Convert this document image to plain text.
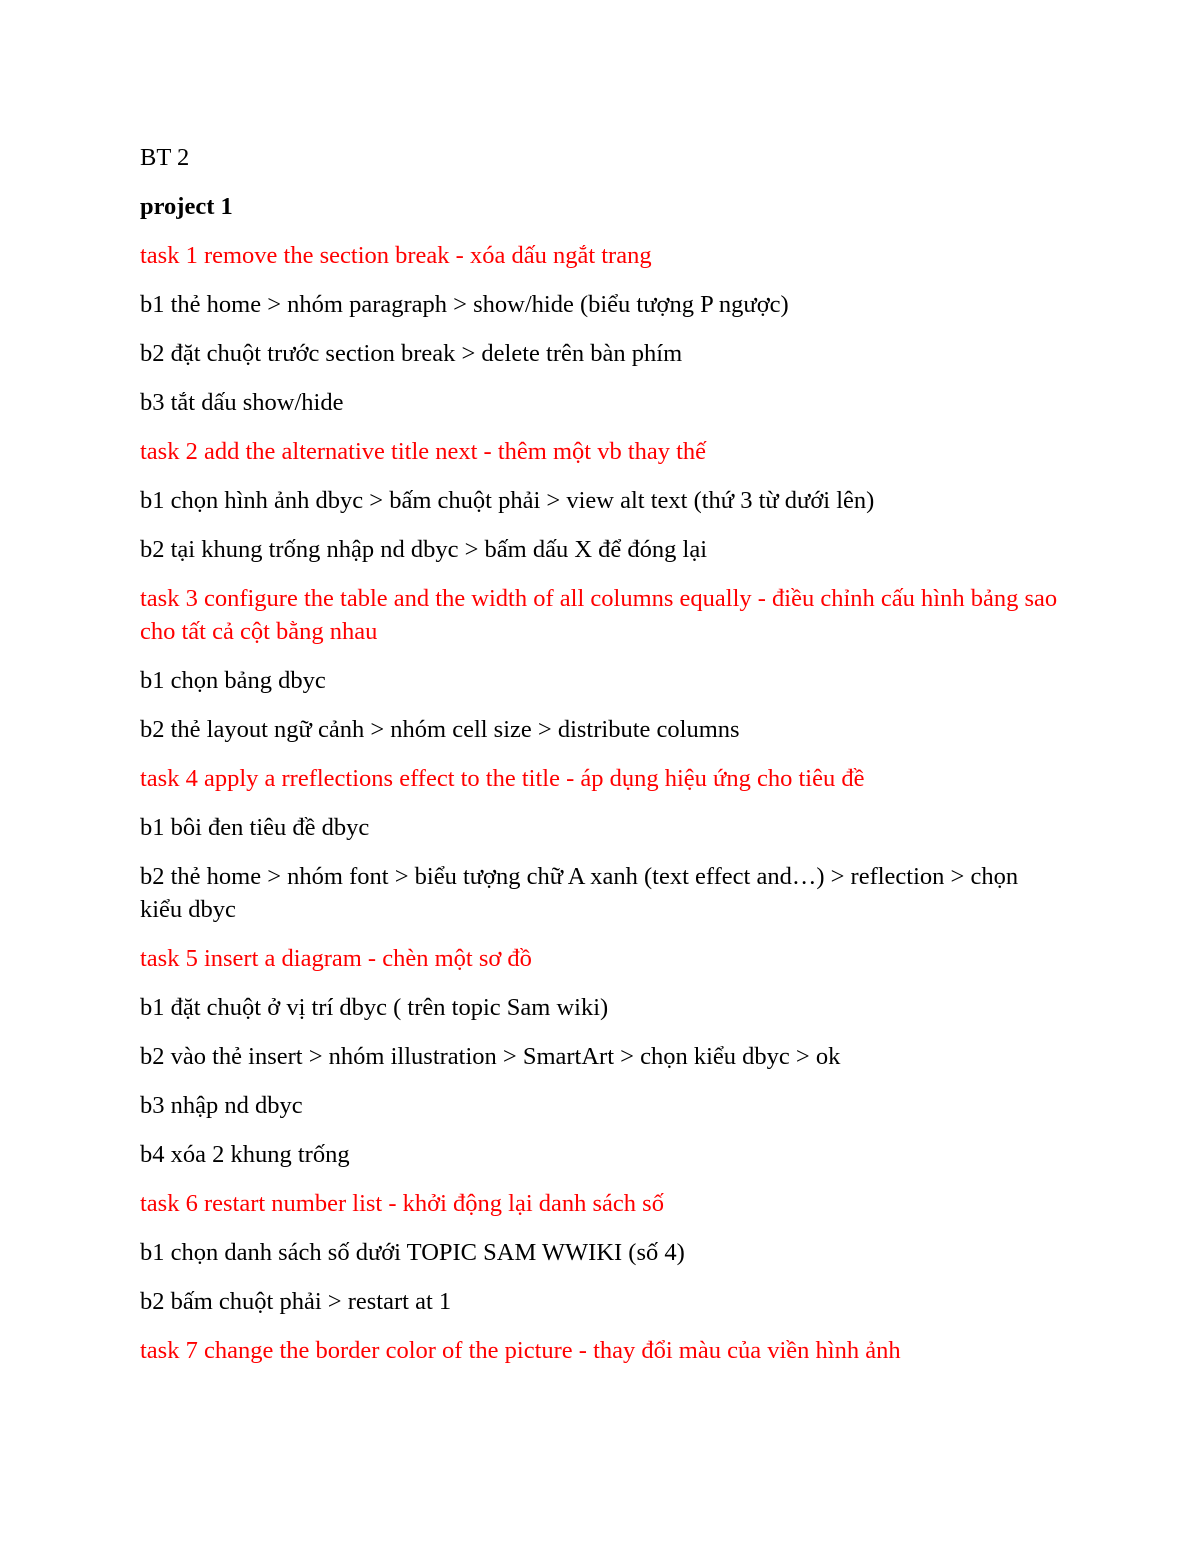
BT 2
project 1
task 1 remove the section break - xóa dấu ngắt trang
b1 thẻ home > nhóm paragraph > show/hide (biểu tượng P ngược)
b2 đặt chuột trước section break > delete trên bàn phím
b3 tắt dấu show/hide
task 2 add the alternative title next - thêm một vb thay thế
b1 chọn hình ảnh dbyc > bấm chuột phải > view alt text (thứ 3 từ dưới lên)
b2 tại khung trống nhập nd dbyc > bấm dấu X để đóng lại
task 3 configure the table and the width of all columns equally - điều chỉnh cấu hình bảng sao cho tất cả cột bằng nhau
b1 chọn bảng dbyc
b2 thẻ layout ngữ cảnh > nhóm cell size > distribute columns
task 4 apply a rreflections effect to the title - áp dụng hiệu ứng cho tiêu đề
b1 bôi đen tiêu đề dbyc
b2 thẻ home > nhóm font > biểu tượng chữ A xanh (text effect and…) > reflection > chọn kiểu dbyc
task 5 insert a diagram - chèn một sơ đồ
b1 đặt chuột ở vị trí dbyc ( trên topic Sam wiki)
b2 vào thẻ insert > nhóm illustration > SmartArt > chọn kiểu dbyc > ok
b3 nhập nd dbyc
b4 xóa 2 khung trống
task 6 restart number list - khởi động lại danh sách số
b1 chọn danh sách số dưới TOPIC SAM WWIKI (số 4)
b2 bấm chuột phải > restart at 1
task 7 change the border color of the picture - thay đổi màu của viền hình ảnh
